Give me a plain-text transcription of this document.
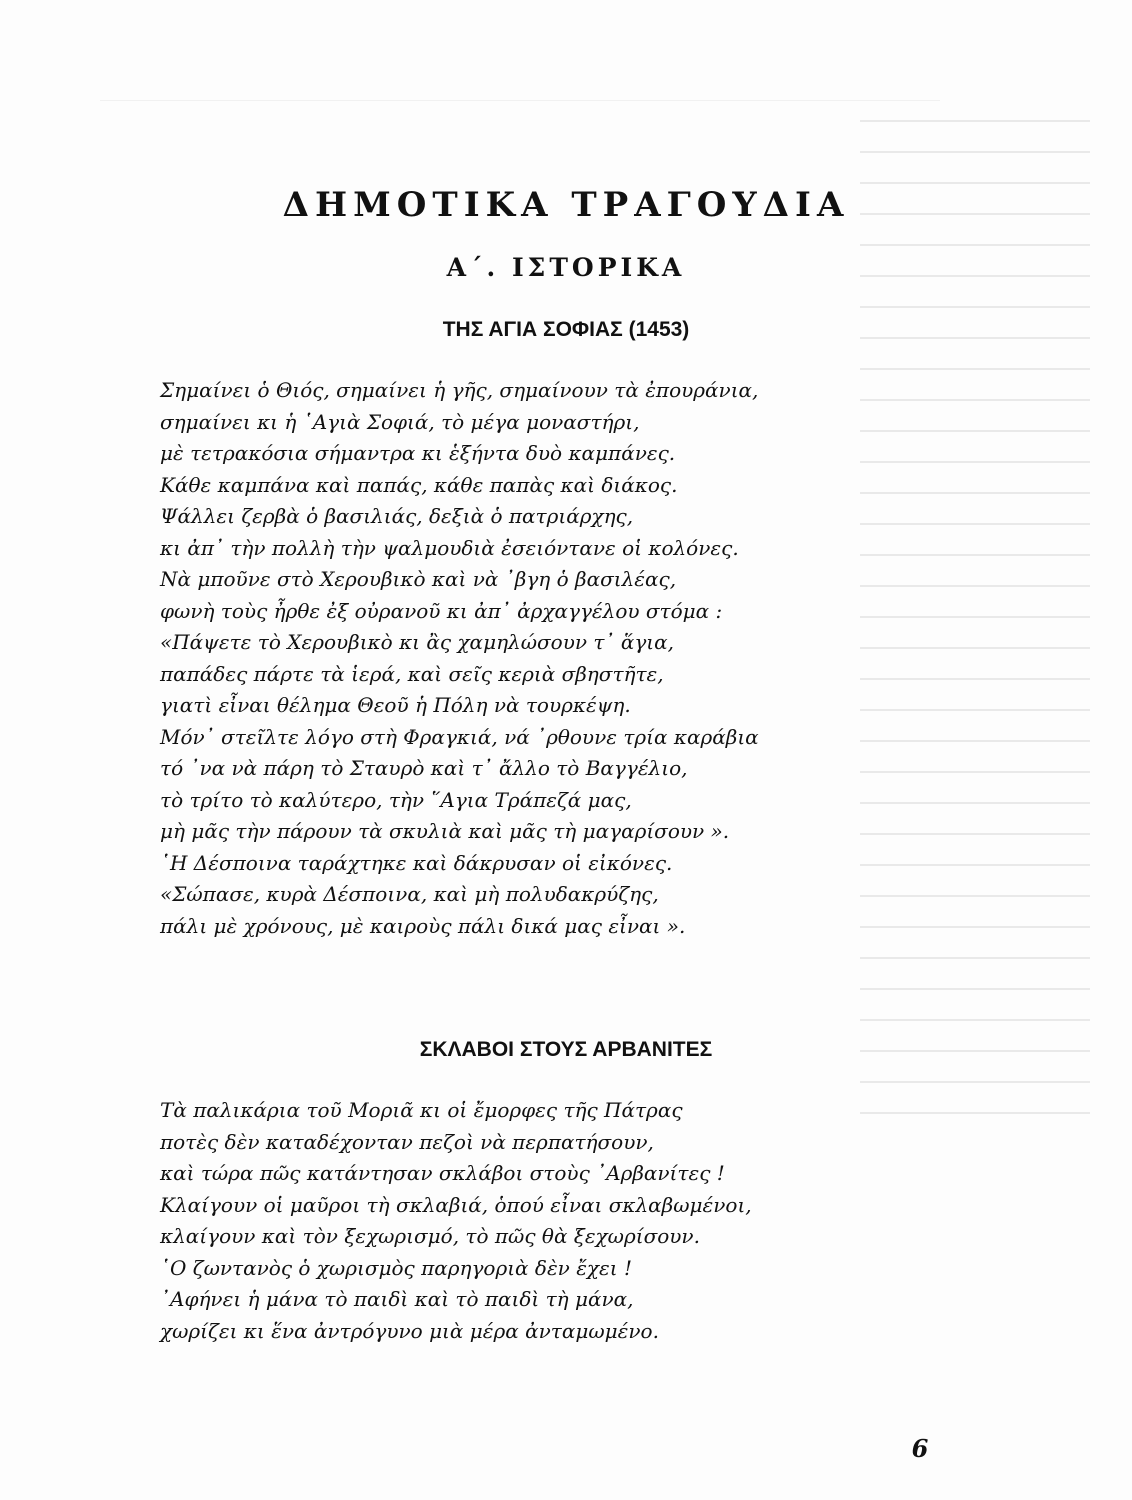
ΔΗΜΟΤΙΚΑ ΤΡΑΓΟΥΔΙΑ
Α΄. ΙΣΤΟΡΙΚΑ
ΤΗΣ ΑΓΙΑ ΣΟΦΙΑΣ (1453)
Σημαίνει ὁ Θιός, σημαίνει ἡ γῆς, σημαίνουν τὰ ἐπουράνια,
σημαίνει κι ἡ ῾Αγιὰ Σοφιά, τὸ μέγα μοναστήρι,
μὲ τετρακόσια σήμαντρα κι ἑξήντα δυὸ καμπάνες.
Κάθε καμπάνα καὶ παπάς, κάθε παπὰς καὶ διάκος.
Ψάλλει ζερβὰ ὁ βασιλιάς, δεξιὰ ὁ πατριάρχης,
κι ἀπ᾿ τὴν πολλὴ τὴν ψαλμουδιὰ ἐσειόντανε οἱ κολόνες.
Νὰ μποῦνε στὸ Χερουβικὸ καὶ νὰ ᾿βγη ὁ βασιλέας,
φωνὴ τοὺς ἦρθε ἐξ οὐρανοῦ κι ἀπ᾿ ἀρχαγγέλου στόμα :
«Πάψετε τὸ Χερουβικὸ κι ἂς χαμηλώσουν τ᾿ ἅγια,
παπάδες πάρτε τὰ ἱερά, καὶ σεῖς κεριὰ σβηστῆτε,
γιατὶ εἶναι θέλημα Θεοῦ ἡ Πόλη νὰ τουρκέψη.
Μόν᾿ στεῖλτε λόγο στὴ Φραγκιά, νά ᾿ρθουνε τρία καράβια
τό ᾿να νὰ πάρη τὸ Σταυρὸ καὶ τ᾿ ἄλλο τὸ Βαγγέλιο,
τὸ τρίτο τὸ καλύτερο, τὴν ῞Αγια Τράπεζά μας,
μὴ μᾶς τὴν πάρουν τὰ σκυλιὰ καὶ μᾶς τὴ μαγαρίσουν ».
῾Η Δέσποινα ταράχτηκε καὶ δάκρυσαν οἱ εἰκόνες.
«Σώπασε, κυρὰ Δέσποινα, καὶ μὴ πολυδακρύζης,
πάλι μὲ χρόνους, μὲ καιροὺς πάλι δικά μας εἶναι ».
ΣΚΛΑΒΟΙ ΣΤΟΥΣ ΑΡΒΑΝΙΤΕΣ
Τὰ παλικάρια τοῦ Μοριᾶ κι οἱ ἔμορφες τῆς Πάτρας
ποτὲς δὲν καταδέχονταν πεζοὶ νὰ περπατήσουν,
καὶ τώρα πῶς κατάντησαν σκλάβοι στοὺς ᾿Αρβανίτες !
Κλαίγουν οἱ μαῦροι τὴ σκλαβιά, ὁπού εἶναι σκλαβωμένοι,
κλαίγουν καὶ τὸν ξεχωρισμό, τὸ πῶς θὰ ξεχωρίσουν.
῾Ο ζωντανὸς ὁ χωρισμὸς παρηγοριὰ δὲν ἔχει !
᾿Αφήνει ἡ μάνα τὸ παιδὶ καὶ τὸ παιδὶ τὴ μάνα,
χωρίζει κι ἕνα ἀντρόγυνο μιὰ μέρα ἀνταμωμένο.
6
